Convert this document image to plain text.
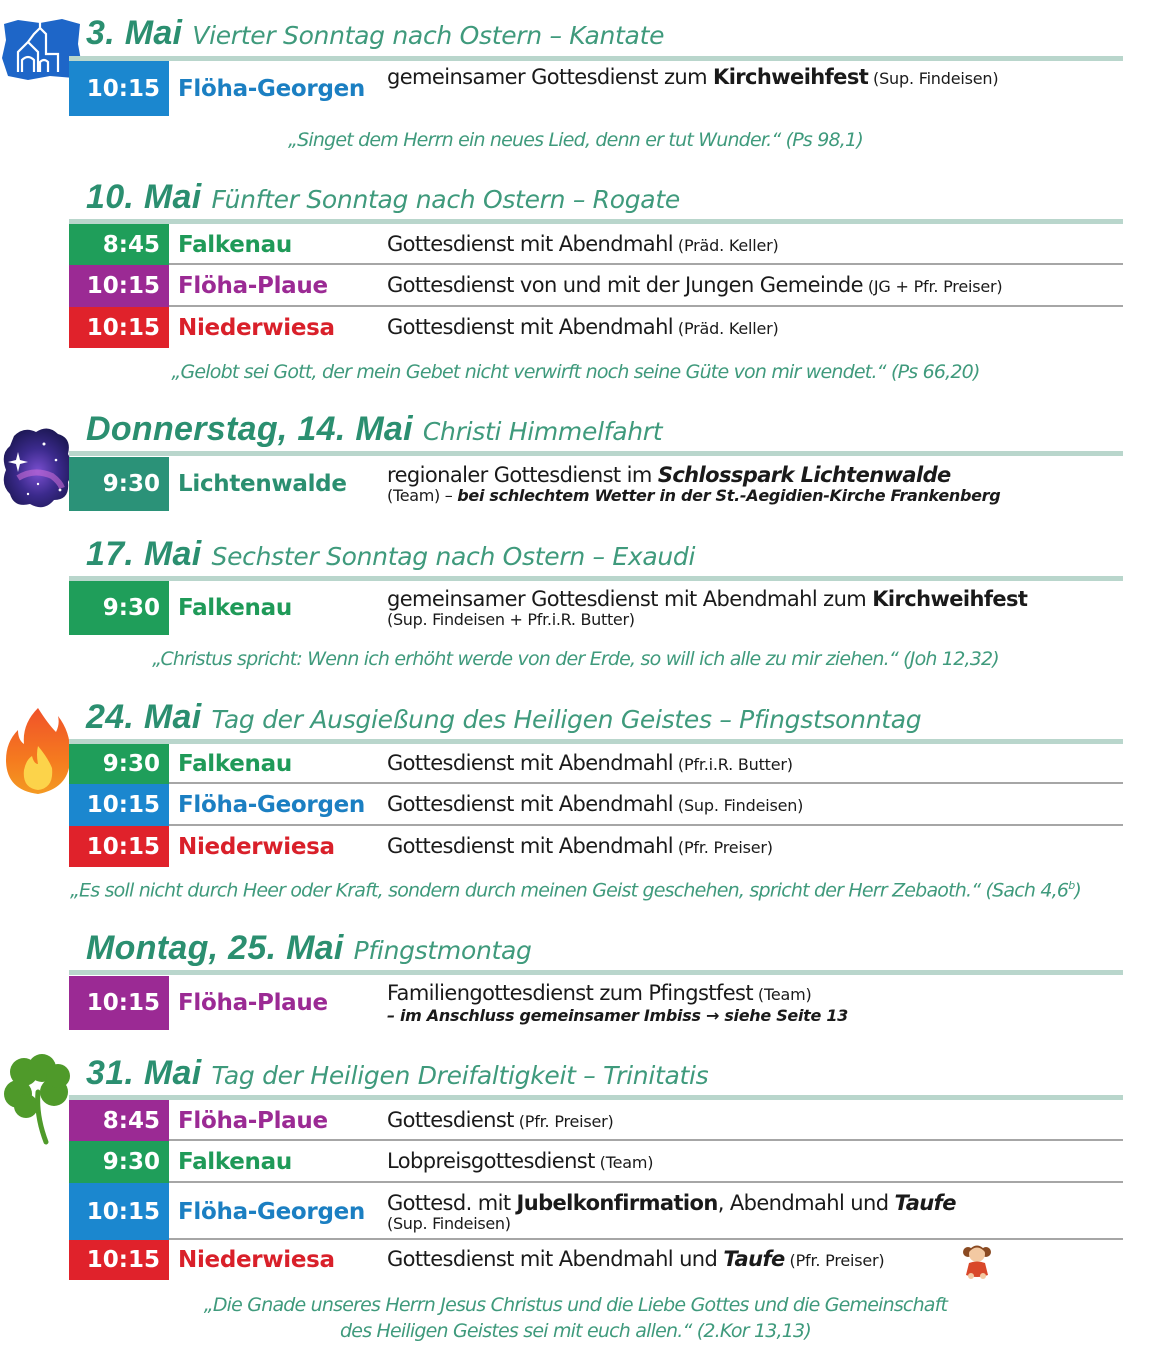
3. Mai Vierter Sonntag nach Ostern – Kantate
10:15 Flöha-Georgen gemeinsamer Gottesdienst zum Kirchweihfest (Sup. Findeisen)
„Singet dem Herrn ein neues Lied, denn er tut Wunder.“ (Ps 98,1)
10. Mai Fünfter Sonntag nach Ostern – Rogate
8:45 Falkenau	Gottesdienst mit Abendmahl (Präd. Keller)
10:15 Flöha-Plaue	Gottesdienst von und mit der Jungen Gemeinde (JG + Pfr. Preiser)
10:15 Niederwiesa Gottesdienst mit Abendmahl (Präd. Keller)
„Gelobt sei Gott, der mein Gebet nicht verwirft noch seine Güte von mir wendet.“ (Ps 66,20)
Donnerstag, 14. Mai Christi Himmelfahrt
9:30 Lichtenwalde regionaler Gottesdienst im Schlosspark Lichtenwalde
(Team) – bei schlechtem Wetter in der St.-Aegidien-Kirche Frankenberg
17. Mai Sechster Sonntag nach Ostern – Exaudi
9:30 Falkenau	gemeinsamer Gottesdienst mit Abendmahl zum Kirchweihfest
(Sup. Findeisen + Pfr.i.R. Butter)
„Christus spricht: Wenn ich erhöht werde von der Erde, so will ich alle zu mir ziehen.“ (Joh 12,32)
24. Mai Tag der Ausgießung des Heiligen Geistes – Pfingstsonntag
9:30 Falkenau	Gottesdienst mit Abendmahl (Pfr.i.R. Butter)
10:15 Flöha-Georgen Gottesdienst mit Abendmahl (Sup. Findeisen)
10:15 Niederwiesa Gottesdienst mit Abendmahl (Pfr. Preiser)
„Es soll nicht durch Heer oder Kraft, sondern durch meinen Geist geschehen, spricht der Herr Zebaoth.“ (Sach 4,6$^b$)
Montag, 25. Mai Pfingstmontag
10:15 Flöha-Plaue	Familiengottesdienst zum Pfingstfest (Team)
– im Anschluss gemeinsamer Imbiss → siehe Seite 13
31. Mai Tag der Heiligen Dreifaltigkeit – Trinitatis
8:45 Flöha-Plaue	Gottesdienst (Pfr. Preiser)
9:30 Falkenau	Lobpreisgottesdienst (Team)
10:15 Flöha-Georgen Gottesd. mit Jubelkonfirmation, Abendmahl und Taufe
(Sup. Findeisen)
10:15 Niederwiesa Gottesdienst mit Abendmahl und Taufe (Pfr. Preiser)
„Die Gnade unseres Herrn Jesus Christus und die Liebe Gottes und die Gemeinschaft
des Heiligen Geistes sei mit euch allen.“ (2.Kor 13,13)
